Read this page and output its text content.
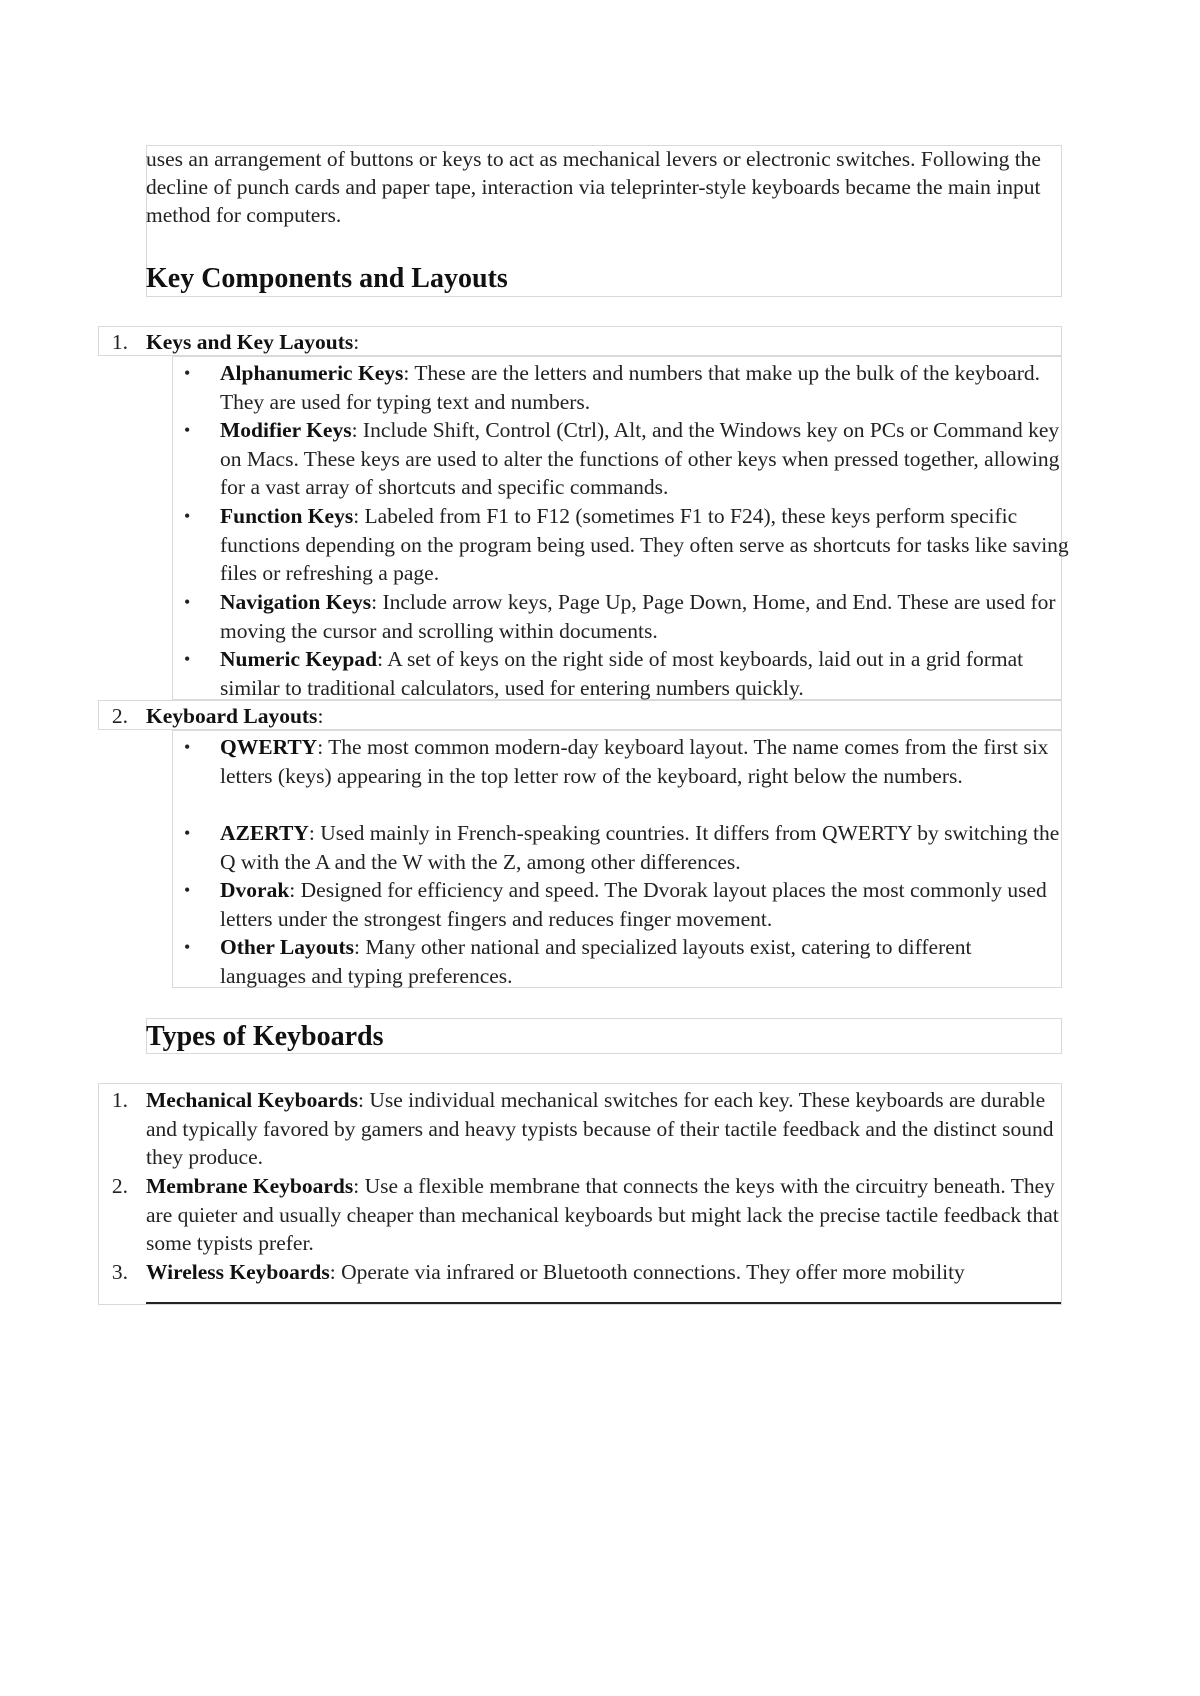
uses an arrangement of buttons or keys to act as mechanical levers or electronic switches. Following the decline of punch cards and paper tape, interaction via teleprinter-style keyboards became the main input method for computers.
Key Components and Layouts
1. Keys and Key Layouts:
• Alphanumeric Keys: These are the letters and numbers that make up the bulk of the keyboard. They are used for typing text and numbers.
• Modifier Keys: Include Shift, Control (Ctrl), Alt, and the Windows key on PCs or Command key on Macs. These keys are used to alter the functions of other keys when pressed together, allowing for a vast array of shortcuts and specific commands.
• Function Keys: Labeled from F1 to F12 (sometimes F1 to F24), these keys perform specific functions depending on the program being used. They often serve as shortcuts for tasks like saving files or refreshing a page.
• Navigation Keys: Include arrow keys, Page Up, Page Down, Home, and End. These are used for moving the cursor and scrolling within documents.
• Numeric Keypad: A set of keys on the right side of most keyboards, laid out in a grid format similar to traditional calculators, used for entering numbers quickly.
2. Keyboard Layouts:
• QWERTY: The most common modern-day keyboard layout. The name comes from the first six letters (keys) appearing in the top letter row of the keyboard, right below the numbers.
• AZERTY: Used mainly in French-speaking countries. It differs from QWERTY by switching the Q with the A and the W with the Z, among other differences.
• Dvorak: Designed for efficiency and speed. The Dvorak layout places the most commonly used letters under the strongest fingers and reduces finger movement.
• Other Layouts: Many other national and specialized layouts exist, catering to different languages and typing preferences.
Types of Keyboards
1. Mechanical Keyboards: Use individual mechanical switches for each key. These keyboards are durable and typically favored by gamers and heavy typists because of their tactile feedback and the distinct sound they produce.
2. Membrane Keyboards: Use a flexible membrane that connects the keys with the circuitry beneath. They are quieter and usually cheaper than mechanical keyboards but might lack the precise tactile feedback that some typists prefer.
3. Wireless Keyboards: Operate via infrared or Bluetooth connections. They offer more mobility
